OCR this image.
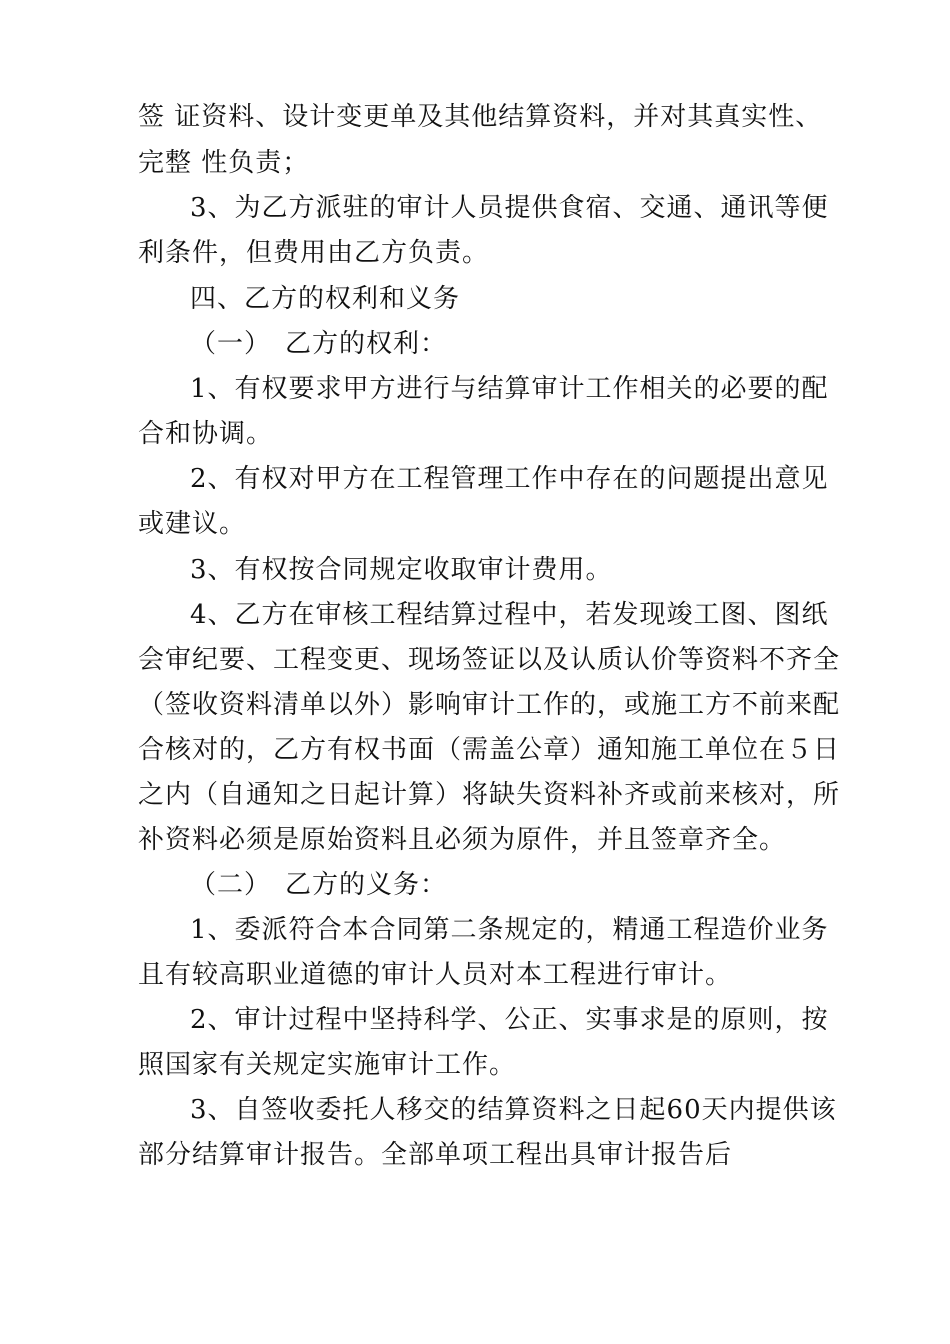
签 证资料、设计变更单及其他结算资料，并对其真实性、
完整 性负责；
3、为乙方派驻的审计人员提供食宿、交通、通讯等便
利条件，但费用由乙方负责。
四、乙方的权利和义务
（一）　乙方的权利：
1、有权要求甲方进行与结算审计工作相关的必要的配
合和协调。
2、有权对甲方在工程管理工作中存在的问题提出意见
或建议。
3、有权按合同规定收取审计费用。
4、乙方在审核工程结算过程中，若发现竣工图、图纸
会审纪要、工程变更、现场签证以及认质认价等资料不齐全
（签收资料清单以外）影响审计工作的，或施工方不前来配
合核对的，乙方有权书面（需盖公章）通知施工单位在５日
之内（自通知之日起计算）将缺失资料补齐或前来核对，所
补资料必须是原始资料且必须为原件，并且签章齐全。
（二）　乙方的义务：
1、委派符合本合同第二条规定的，精通工程造价业务
且有较高职业道德的审计人员对本工程进行审计。
2、审计过程中坚持科学、公正、实事求是的原则，按
照国家有关规定实施审计工作。
3、自签收委托人移交的结算资料之日起60天内提供该
部分结算审计报告。全部单项工程出具审计报告后
